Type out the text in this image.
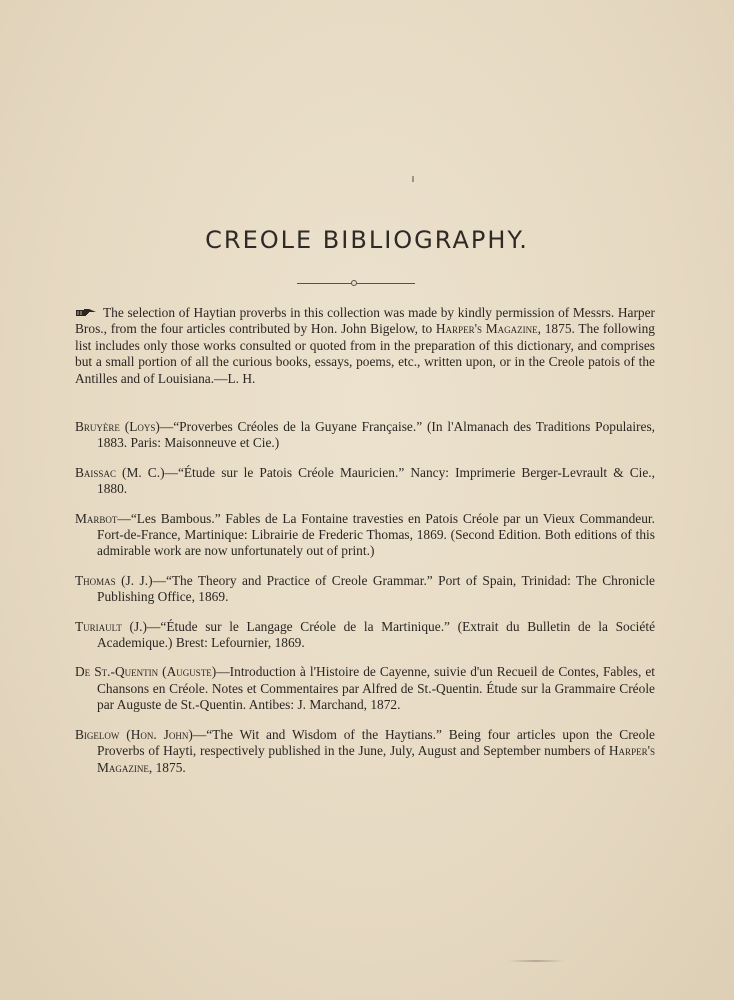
CREOLE BIBLIOGRAPHY.

The selection of Haytian proverbs in this collection was made by kindly permission of Messrs. Harper Bros., from the four articles contributed by Hon. John Bigelow, to Harper's Magazine, 1875. The following list includes only those works consulted or quoted from in the preparation of this dictionary, and comprises but a small portion of all the curious books, essays, poems, etc., written upon, or in the Creole patois of the Antilles and of Louisiana.—L. H.

Bruyère (Loys)—“Proverbes Créoles de la Guyane Française.” (In l'Almanach des Traditions Populaires, 1883. Paris: Maisonneuve et Cie.)
Baissac (M. C.)—“Étude sur le Patois Créole Mauricien.” Nancy: Imprimerie Berger-Levrault & Cie., 1880.
Marbot—“Les Bambous.” Fables de La Fontaine travesties en Patois Créole par un Vieux Commandeur. Fort-de-France, Martinique: Librairie de Frederic Thomas, 1869. (Second Edition. Both editions of this admirable work are now unfortunately out of print.)
Thomas (J. J.)—“The Theory and Practice of Creole Grammar.” Port of Spain, Trinidad: The Chronicle Publishing Office, 1869.
Turiault (J.)—“Étude sur le Langage Créole de la Martinique.” (Extrait du Bulletin de la Société Academique.) Brest: Lefournier, 1869.
De St.-Quentin (Auguste)—Introduction à l'Histoire de Cayenne, suivie d'un Recueil de Contes, Fables, et Chansons en Créole. Notes et Commentaires par Alfred de St.-Quentin. Étude sur la Grammaire Créole par Auguste de St.-Quentin. Antibes: J. Marchand, 1872.
Bigelow (Hon. John)—“The Wit and Wisdom of the Haytians.” Being four articles upon the Creole Proverbs of Hayti, respectively published in the June, July, August and September numbers of Harper's Magazine, 1875.
